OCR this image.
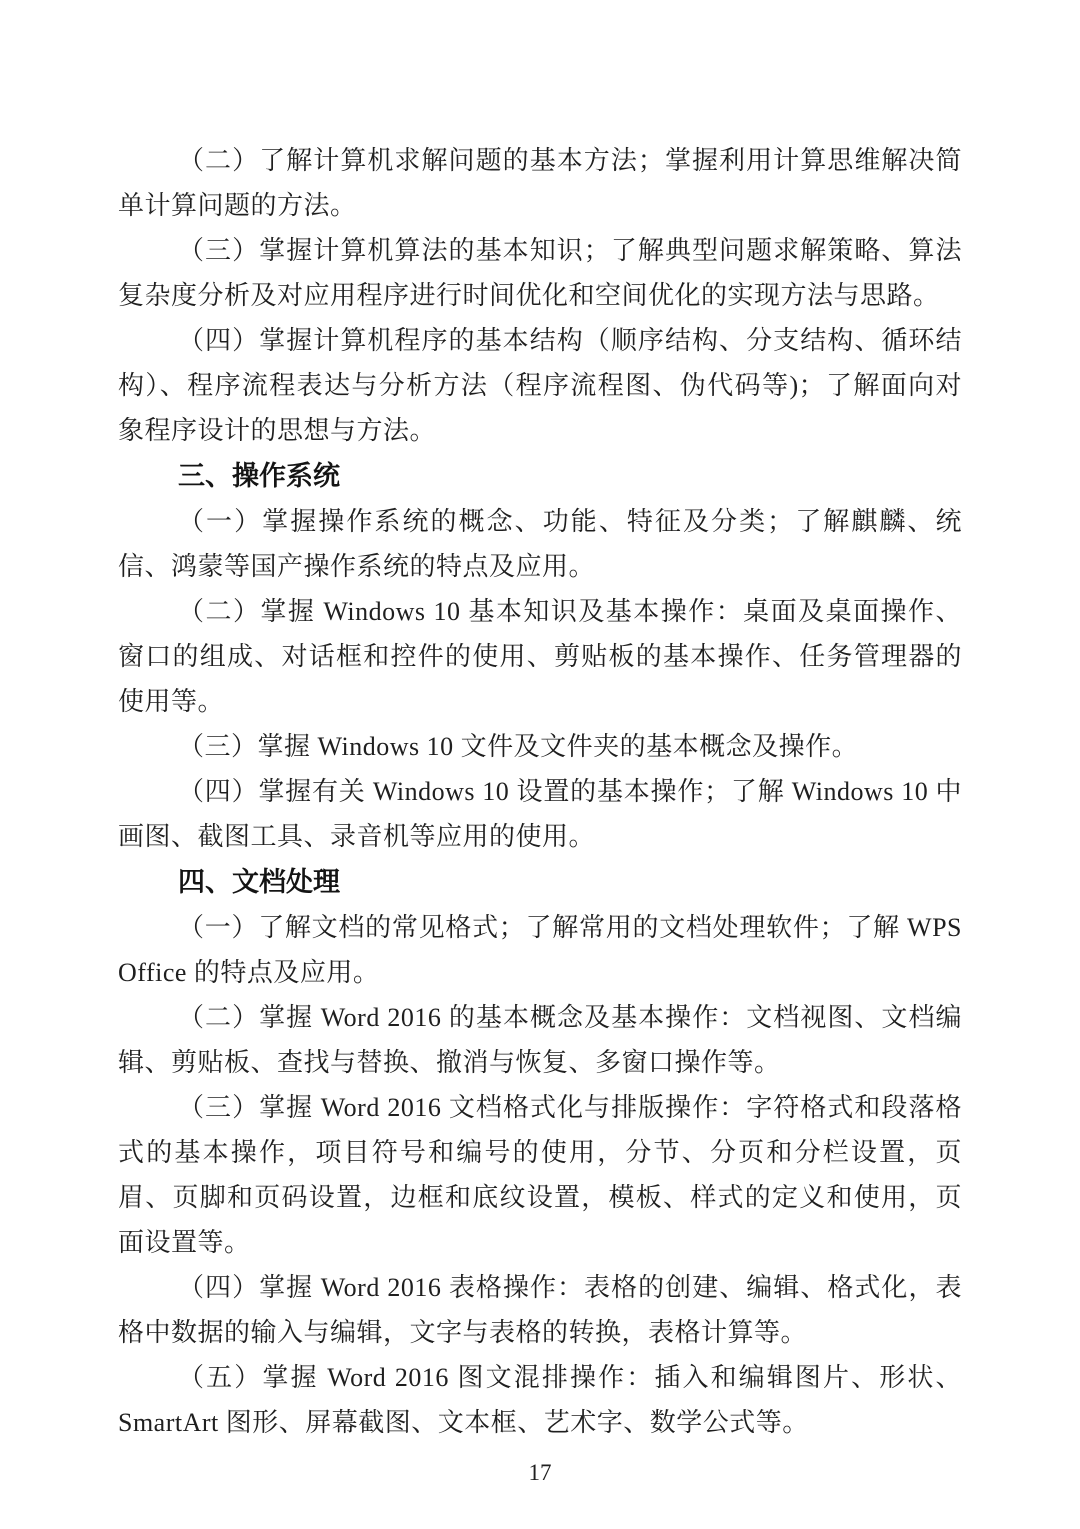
（二）了解计算机求解问题的基本方法；掌握利用计算思维解决简单计算问题的方法。

（三）掌握计算机算法的基本知识；了解典型问题求解策略、算法复杂度分析及对应用程序进行时间优化和空间优化的实现方法与思路。

（四）掌握计算机程序的基本结构（顺序结构、分支结构、循环结构）、程序流程表达与分析方法（程序流程图、伪代码等)；了解面向对象程序设计的思想与方法。

三、操作系统

（一）掌握操作系统的概念、功能、特征及分类；了解麒麟、统信、鸿蒙等国产操作系统的特点及应用。

（二）掌握 Windows 10 基本知识及基本操作：桌面及桌面操作、窗口的组成、对话框和控件的使用、剪贴板的基本操作、任务管理器的使用等。

（三）掌握 Windows 10 文件及文件夹的基本概念及操作。

（四）掌握有关 Windows 10 设置的基本操作；了解 Windows 10 中画图、截图工具、录音机等应用的使用。

四、文档处理

（一）了解文档的常见格式；了解常用的文档处理软件；了解 WPS Office 的特点及应用。

（二）掌握 Word 2016 的基本概念及基本操作：文档视图、文档编辑、剪贴板、查找与替换、撤消与恢复、多窗口操作等。

（三）掌握 Word 2016 文档格式化与排版操作：字符格式和段落格式的基本操作，项目符号和编号的使用，分节、分页和分栏设置，页眉、页脚和页码设置，边框和底纹设置，模板、样式的定义和使用，页面设置等。

（四）掌握 Word 2016 表格操作：表格的创建、编辑、格式化，表格中数据的输入与编辑，文字与表格的转换，表格计算等。

（五）掌握 Word 2016 图文混排操作：插入和编辑图片、形状、SmartArt 图形、屏幕截图、文本框、艺术字、数学公式等。

17
